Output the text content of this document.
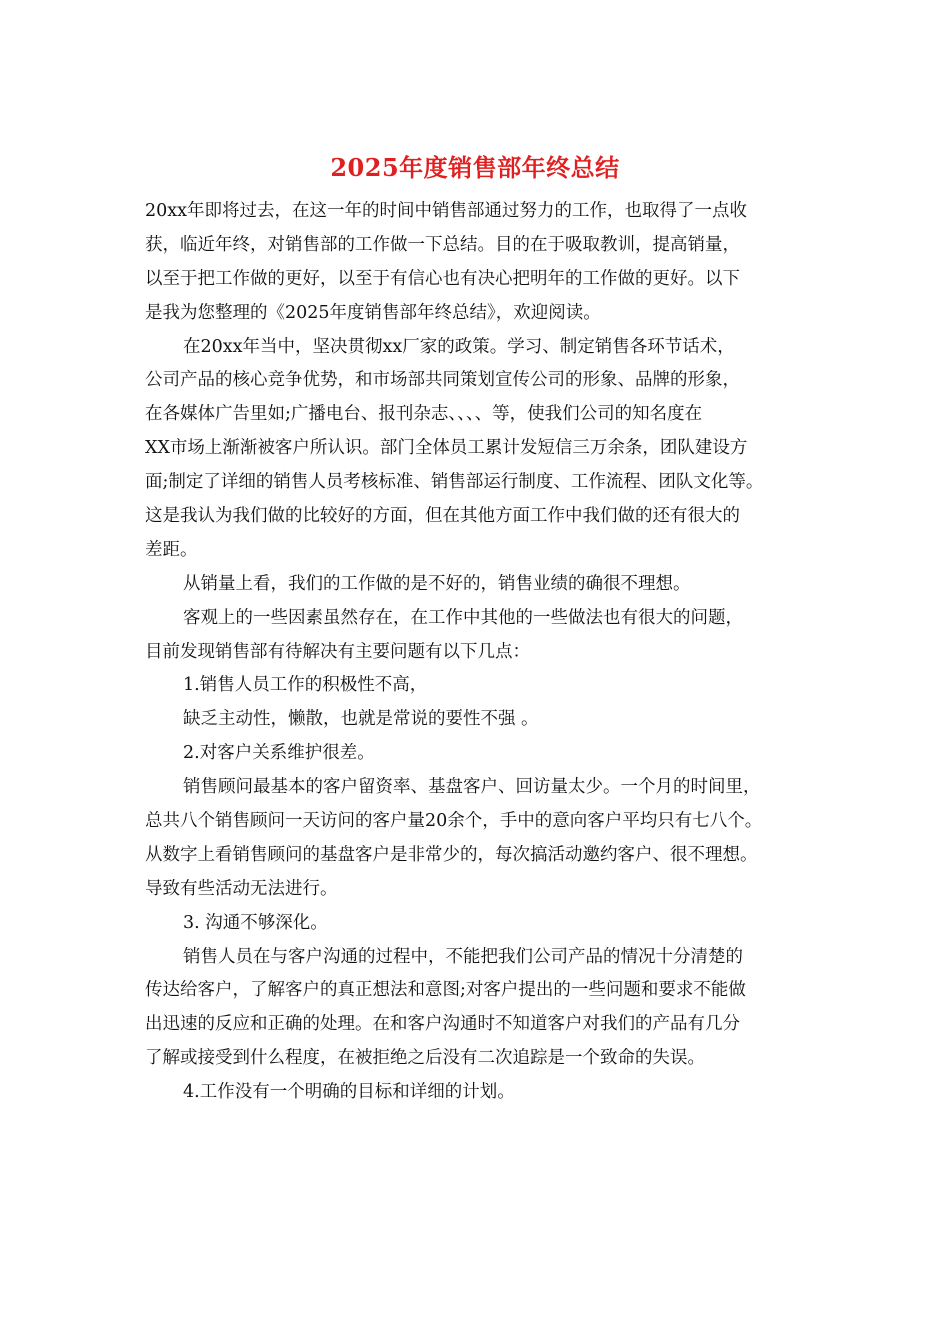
2025年度销售部年终总结
20xx年即将过去，在这一年的时间中销售部通过努力的工作，也取得了一点收
获，临近年终，对销售部的工作做一下总结。目的在于吸取教训，提高销量，
以至于把工作做的更好，以至于有信心也有决心把明年的工作做的更好。以下
是我为您整理的《2025年度销售部年终总结》，欢迎阅读。
在20xx年当中，坚决贯彻xx厂家的政策。学习、制定销售各环节话术，
公司产品的核心竞争优势，和市场部共同策划宣传公司的形象、品牌的形象，
在各媒体广告里如;广播电台、报刊杂志、、、、等，使我们公司的知名度在
XX市场上渐渐被客户所认识。部门全体员工累计发短信三万余条，团队建设方
面;制定了详细的销售人员考核标准、销售部运行制度、工作流程、团队文化等。
这是我认为我们做的比较好的方面，但在其他方面工作中我们做的还有很大的
差距。
从销量上看，我们的工作做的是不好的，销售业绩的确很不理想。
客观上的一些因素虽然存在，在工作中其他的一些做法也有很大的问题，
目前发现销售部有待解决有主要问题有以下几点：
1.销售人员工作的积极性不高，
缺乏主动性，懒散，也就是常说的要性不强 。
2.对客户关系维护很差。
销售顾问最基本的客户留资率、基盘客户、回访量太少。一个月的时间里，
总共八个销售顾问一天访问的客户量20余个，手中的意向客户平均只有七八个。
从数字上看销售顾问的基盘客户是非常少的，每次搞活动邀约客户、很不理想。
导致有些活动无法进行。
3. 沟通不够深化。
销售人员在与客户沟通的过程中，不能把我们公司产品的情况十分清楚的
传达给客户，了解客户的真正想法和意图;对客户提出的一些问题和要求不能做
出迅速的反应和正确的处理。在和客户沟通时不知道客户对我们的产品有几分
了解或接受到什么程度，在被拒绝之后没有二次追踪是一个致命的失误。
4.工作没有一个明确的目标和详细的计划。
